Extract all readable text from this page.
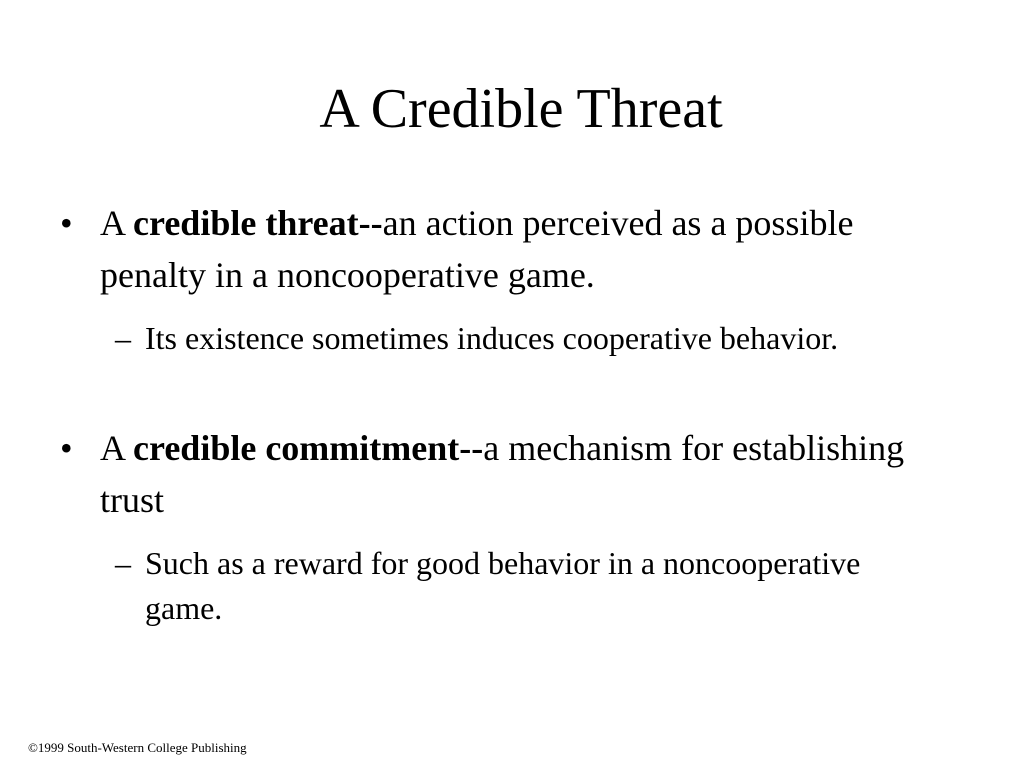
A Credible Threat
• A credible threat--an action perceived as a possible penalty in a noncooperative game.
– Its existence sometimes induces cooperative behavior.
• A credible commitment--a mechanism for establishing trust
– Such as a reward for good behavior in a noncooperative game.
©1999 South-Western College Publishing
